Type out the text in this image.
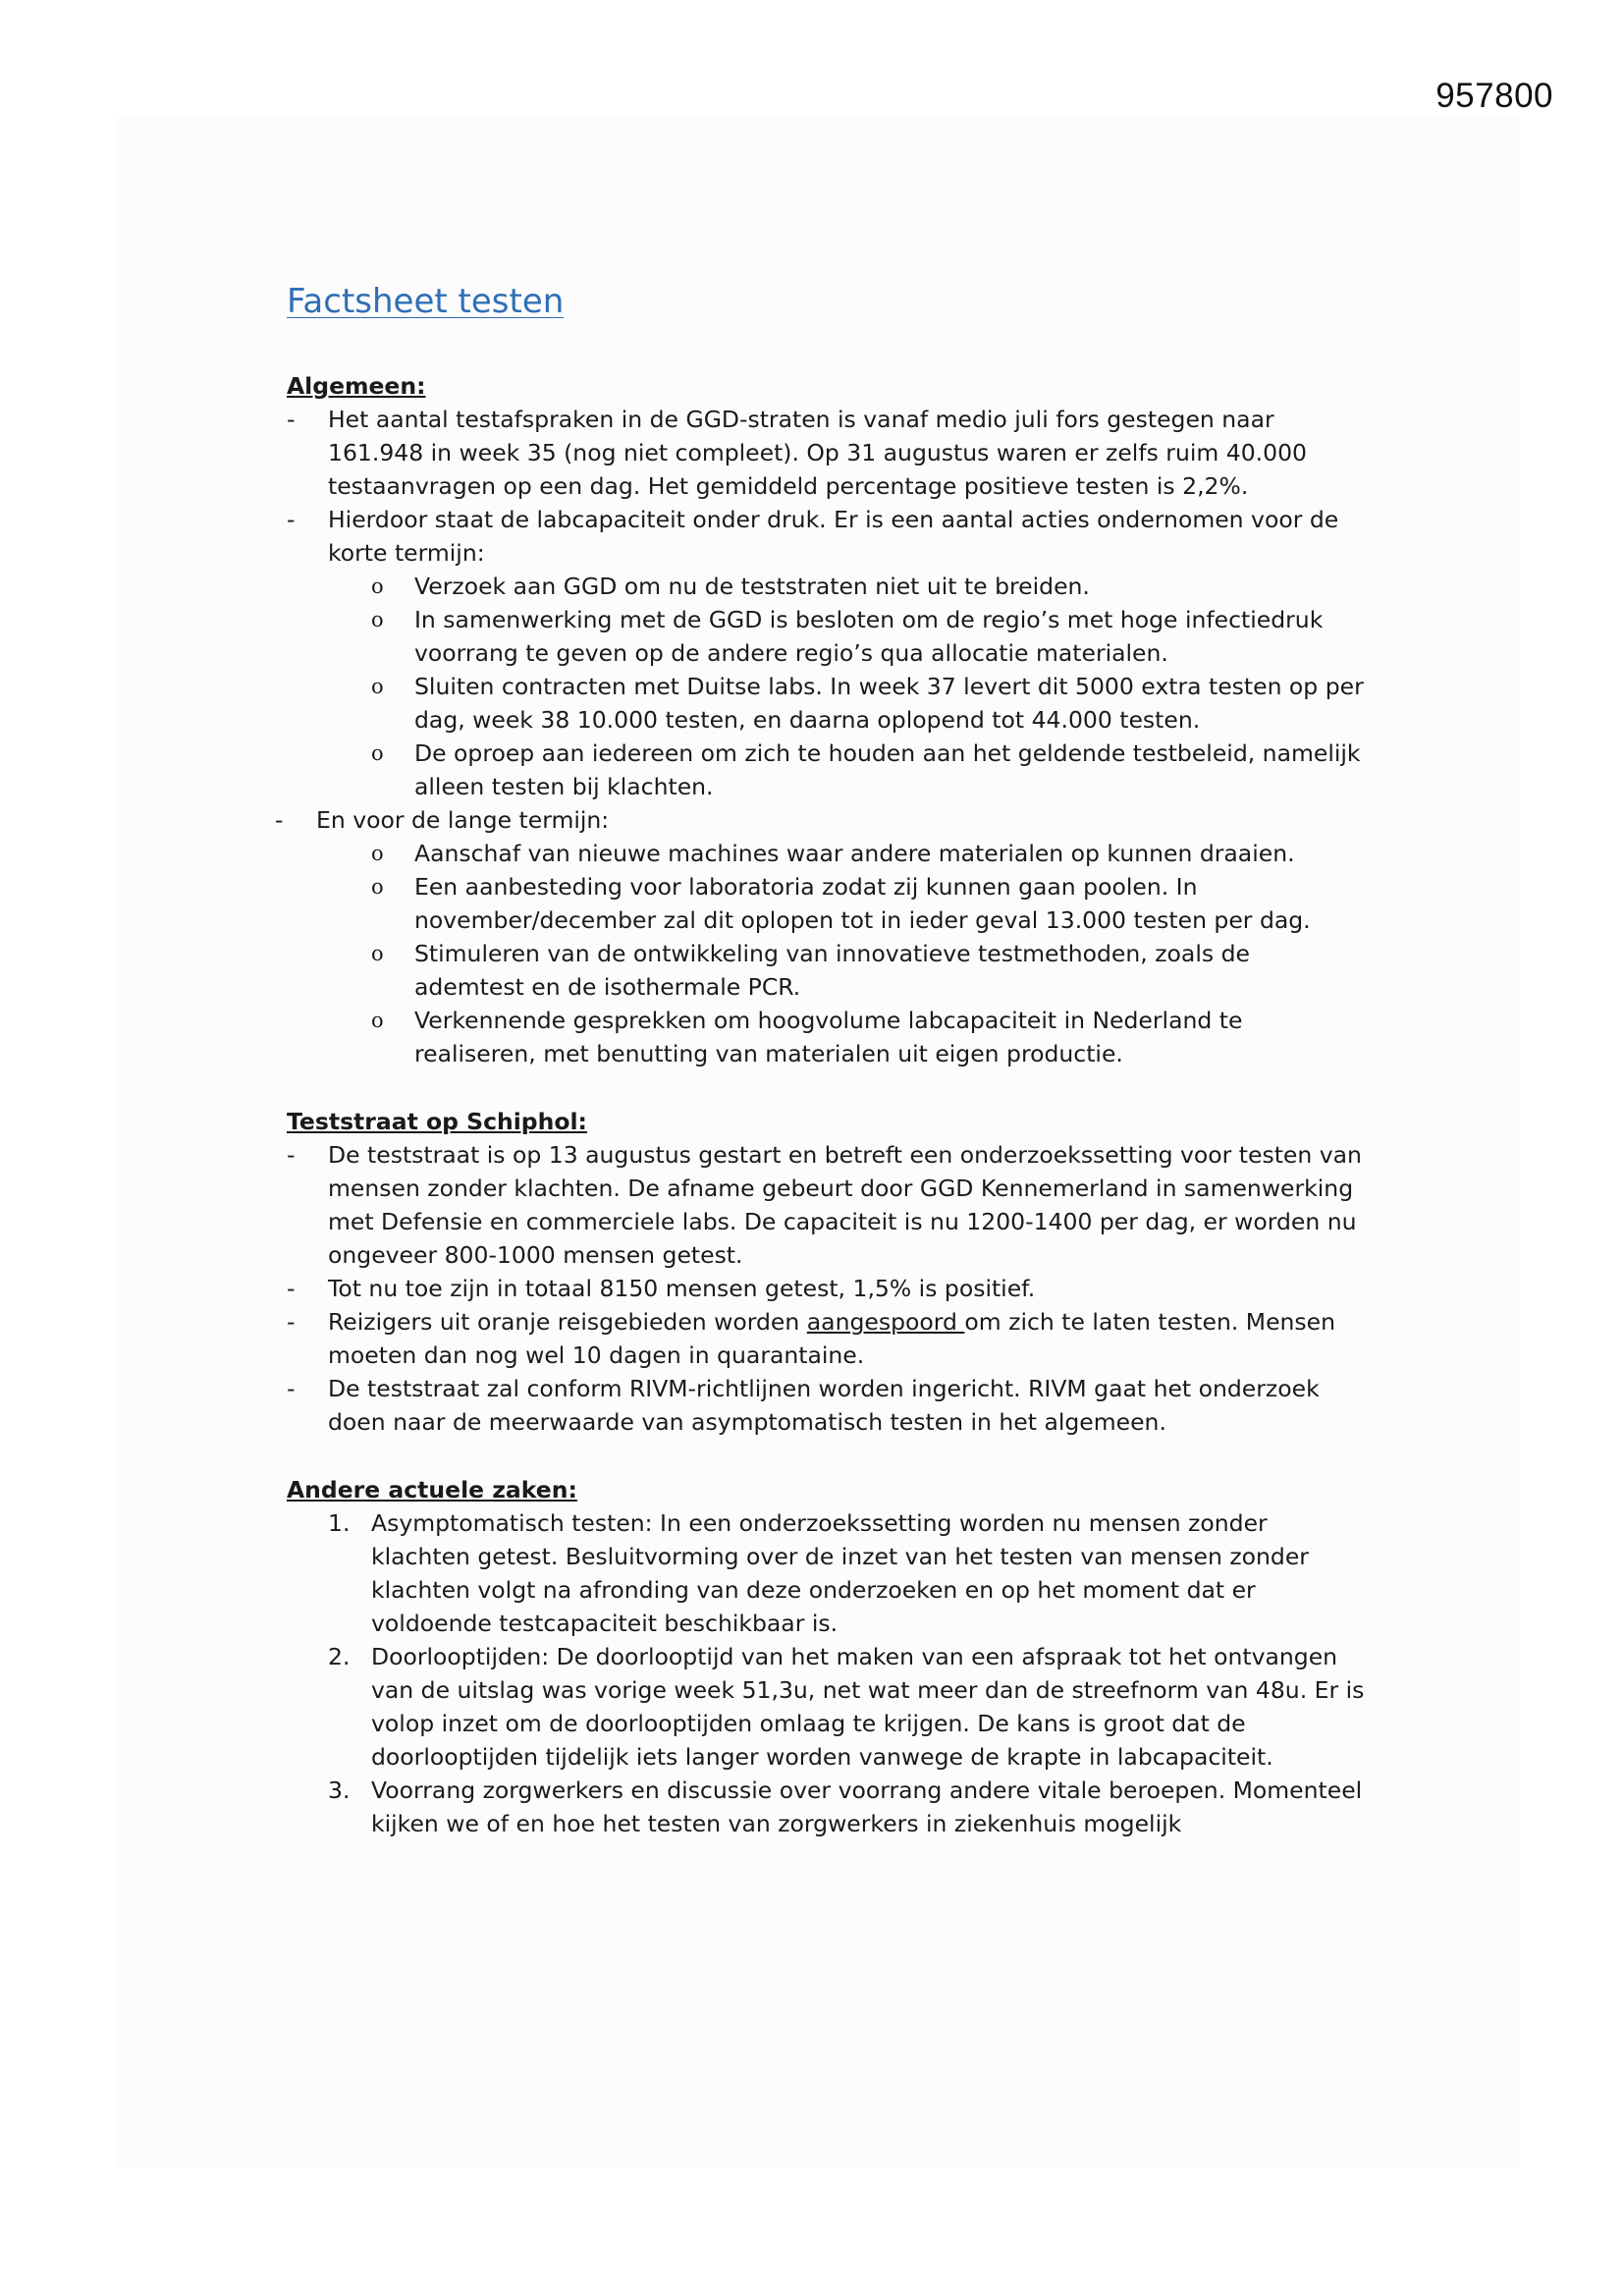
957800
Factsheet testen

Algemeen:

- Het aantal testafspraken in de GGD-straten is vanaf medio juli fors gestegen naar 161.948 in week 35 (nog niet compleet). Op 31 augustus waren er zelfs ruim 40.000 testaanvragen op een dag. Het gemiddeld percentage positieve testen is 2,2%.
- Hierdoor staat de labcapaciteit onder druk. Er is een aantal acties ondernomen voor de korte termijn:
o Verzoek aan GGD om nu de teststraten niet uit te breiden.
o In samenwerking met de GGD is besloten om de regio’s met hoge infectiedruk voorrang te geven op de andere regio’s qua allocatie materialen.
o Sluiten contracten met Duitse labs. In week 37 levert dit 5000 extra testen op per dag, week 38 10.000 testen, en daarna oplopend tot 44.000 testen.
o De oproep aan iedereen om zich te houden aan het geldende testbeleid, namelijk alleen testen bij klachten.
- En voor de lange termijn:
o Aanschaf van nieuwe machines waar andere materialen op kunnen draaien.
o Een aanbesteding voor laboratoria zodat zij kunnen gaan poolen. In november/december zal dit oplopen tot in ieder geval 13.000 testen per dag.
o Stimuleren van de ontwikkeling van innovatieve testmethoden, zoals de ademtest en de isothermale PCR.
o Verkennende gesprekken om hoogvolume labcapaciteit in Nederland te realiseren, met benutting van materialen uit eigen productie.

Teststraat op Schiphol:

- De teststraat is op 13 augustus gestart en betreft een onderzoekssetting voor testen van mensen zonder klachten. De afname gebeurt door GGD Kennemerland in samenwerking met Defensie en commerciele labs. De capaciteit is nu 1200-1400 per dag, er worden nu ongeveer 800-1000 mensen getest.
- Tot nu toe zijn in totaal 8150 mensen getest, 1,5% is positief.
- Reizigers uit oranje reisgebieden worden aangespoord om zich te laten testen. Mensen moeten dan nog wel 10 dagen in quarantaine.
- De teststraat zal conform RIVM-richtlijnen worden ingericht. RIVM gaat het onderzoek doen naar de meerwaarde van asymptomatisch testen in het algemeen.

Andere actuele zaken:

1. Asymptomatisch testen: In een onderzoekssetting worden nu mensen zonder klachten getest. Besluitvorming over de inzet van het testen van mensen zonder klachten volgt na afronding van deze onderzoeken en op het moment dat er voldoende testcapaciteit beschikbaar is.
2. Doorlooptijden: De doorlooptijd van het maken van een afspraak tot het ontvangen van de uitslag was vorige week 51,3u, net wat meer dan de streefnorm van 48u. Er is volop inzet om de doorlooptijden omlaag te krijgen. De kans is groot dat de doorlooptijden tijdelijk iets langer worden vanwege de krapte in labcapaciteit.
3. Voorrang zorgwerkers en discussie over voorrang andere vitale beroepen. Momenteel kijken we of en hoe het testen van zorgwerkers in ziekenhuis mogelijk
